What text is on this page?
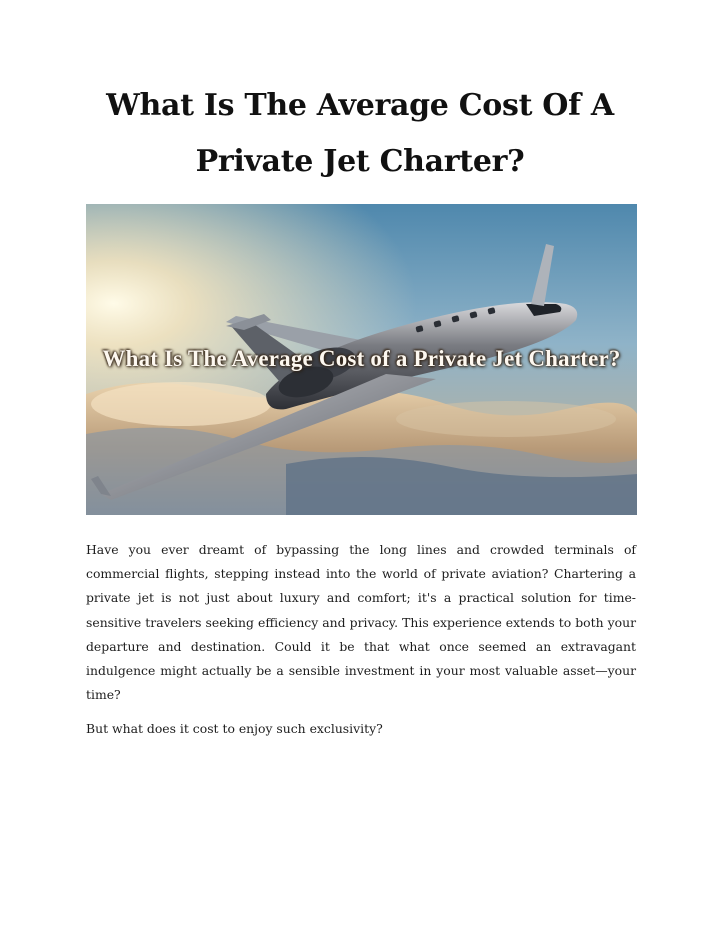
What Is The Average Cost Of A
Private Jet Charter?
What Is The Average Cost of a Private Jet Charter?

Have you ever dreamt of bypassing the long lines and crowded terminals of commercial flights, stepping instead into the world of private aviation? Chartering a private jet is not just about luxury and comfort; it's a practical solution for time-sensitive travelers seeking efficiency and privacy. This experience extends to both your departure and destination. Could it be that what once seemed an extravagant indulgence might actually be a sensible investment in your most valuable asset—your time?

But what does it cost to enjoy such exclusivity?
